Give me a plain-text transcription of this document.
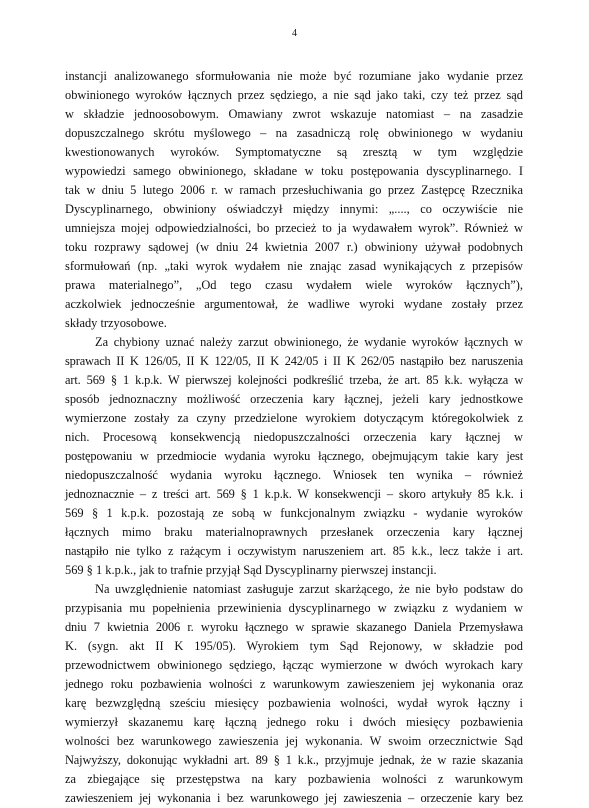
4
instancji analizowanego sformułowania nie może być rozumiane jako wydanie przez
obwinionego wyroków łącznych przez sędziego, a nie sąd jako taki, czy też przez sąd
w składzie jednoosobowym. Omawiany zwrot wskazuje natomiast – na zasadzie
dopuszczalnego skrótu myślowego – na zasadniczą rolę obwinionego w wydaniu
kwestionowanych wyroków. Symptomatyczne są zresztą w tym względzie
wypowiedzi samego obwinionego, składane w toku postępowania dyscyplinarnego. I
tak w dniu 5 lutego 2006 r. w ramach przesłuchiwania go przez Zastępcę Rzecznika
Dyscyplinarnego, obwiniony oświadczył między innymi: „...., co oczywiście nie
umniejsza mojej odpowiedzialności, bo przecież to ja wydawałem wyrok”. Również w
toku rozprawy sądowej (w dniu 24 kwietnia 2007 r.) obwiniony używał podobnych
sformułowań (np. „taki wyrok wydałem nie znając zasad wynikających z przepisów
prawa materialnego”, „Od tego czasu wydałem wiele wyroków łącznych”),
aczkolwiek jednocześnie argumentował, że wadliwe wyroki wydane zostały przez
składy trzyosobowe.
Za chybiony uznać należy zarzut obwinionego, że wydanie wyroków łącznych w
sprawach II K 126/05, II K 122/05, II K 242/05 i II K 262/05 nastąpiło bez naruszenia
art. 569 § 1 k.p.k. W pierwszej kolejności podkreślić trzeba, że art. 85 k.k. wyłącza w
sposób jednoznaczny możliwość orzeczenia kary łącznej, jeżeli kary jednostkowe
wymierzone zostały za czyny przedzielone wyrokiem dotyczącym któregokolwiek z
nich. Procesową konsekwencją niedopuszczalności orzeczenia kary łącznej w
postępowaniu w przedmiocie wydania wyroku łącznego, obejmującym takie kary jest
niedopuszczalność wydania wyroku łącznego. Wniosek ten wynika – również
jednoznacznie – z treści art. 569 § 1 k.p.k. W konsekwencji – skoro artykuły 85 k.k. i
569 § 1 k.p.k. pozostają ze sobą w funkcjonalnym związku - wydanie wyroków
łącznych mimo braku materialnoprawnych przesłanek orzeczenia kary łącznej
nastąpiło nie tylko z rażącym i oczywistym naruszeniem art. 85 k.k., lecz także i art.
569 § 1 k.p.k., jak to trafnie przyjął Sąd Dyscyplinarny pierwszej instancji.
Na uwzględnienie natomiast zasługuje zarzut skarżącego, że nie było podstaw do
przypisania mu popełnienia przewinienia dyscyplinarnego w związku z wydaniem w
dniu 7 kwietnia 2006 r. wyroku łącznego w sprawie skazanego Daniela Przemysława
K. (sygn. akt II K 195/05). Wyrokiem tym Sąd Rejonowy, w składzie pod
przewodnictwem obwinionego sędziego, łącząc wymierzone w dwóch wyrokach kary
jednego roku pozbawienia wolności z warunkowym zawieszeniem jej wykonania oraz
karę bezwzględną sześciu miesięcy pozbawienia wolności, wydał wyrok łączny i
wymierzył skazanemu karę łączną jednego roku i dwóch miesięcy pozbawienia
wolności bez warunkowego zawieszenia jej wykonania. W swoim orzecznictwie Sąd
Najwyższy, dokonując wykładni art. 89 § 1 k.k., przyjmuje jednak, że w razie skazania
za zbiegające się przestępstwa na kary pozbawienia wolności z warunkowym
zawieszeniem jej wykonania i bez warunkowego jej zawieszenia – orzeczenie kary bez
